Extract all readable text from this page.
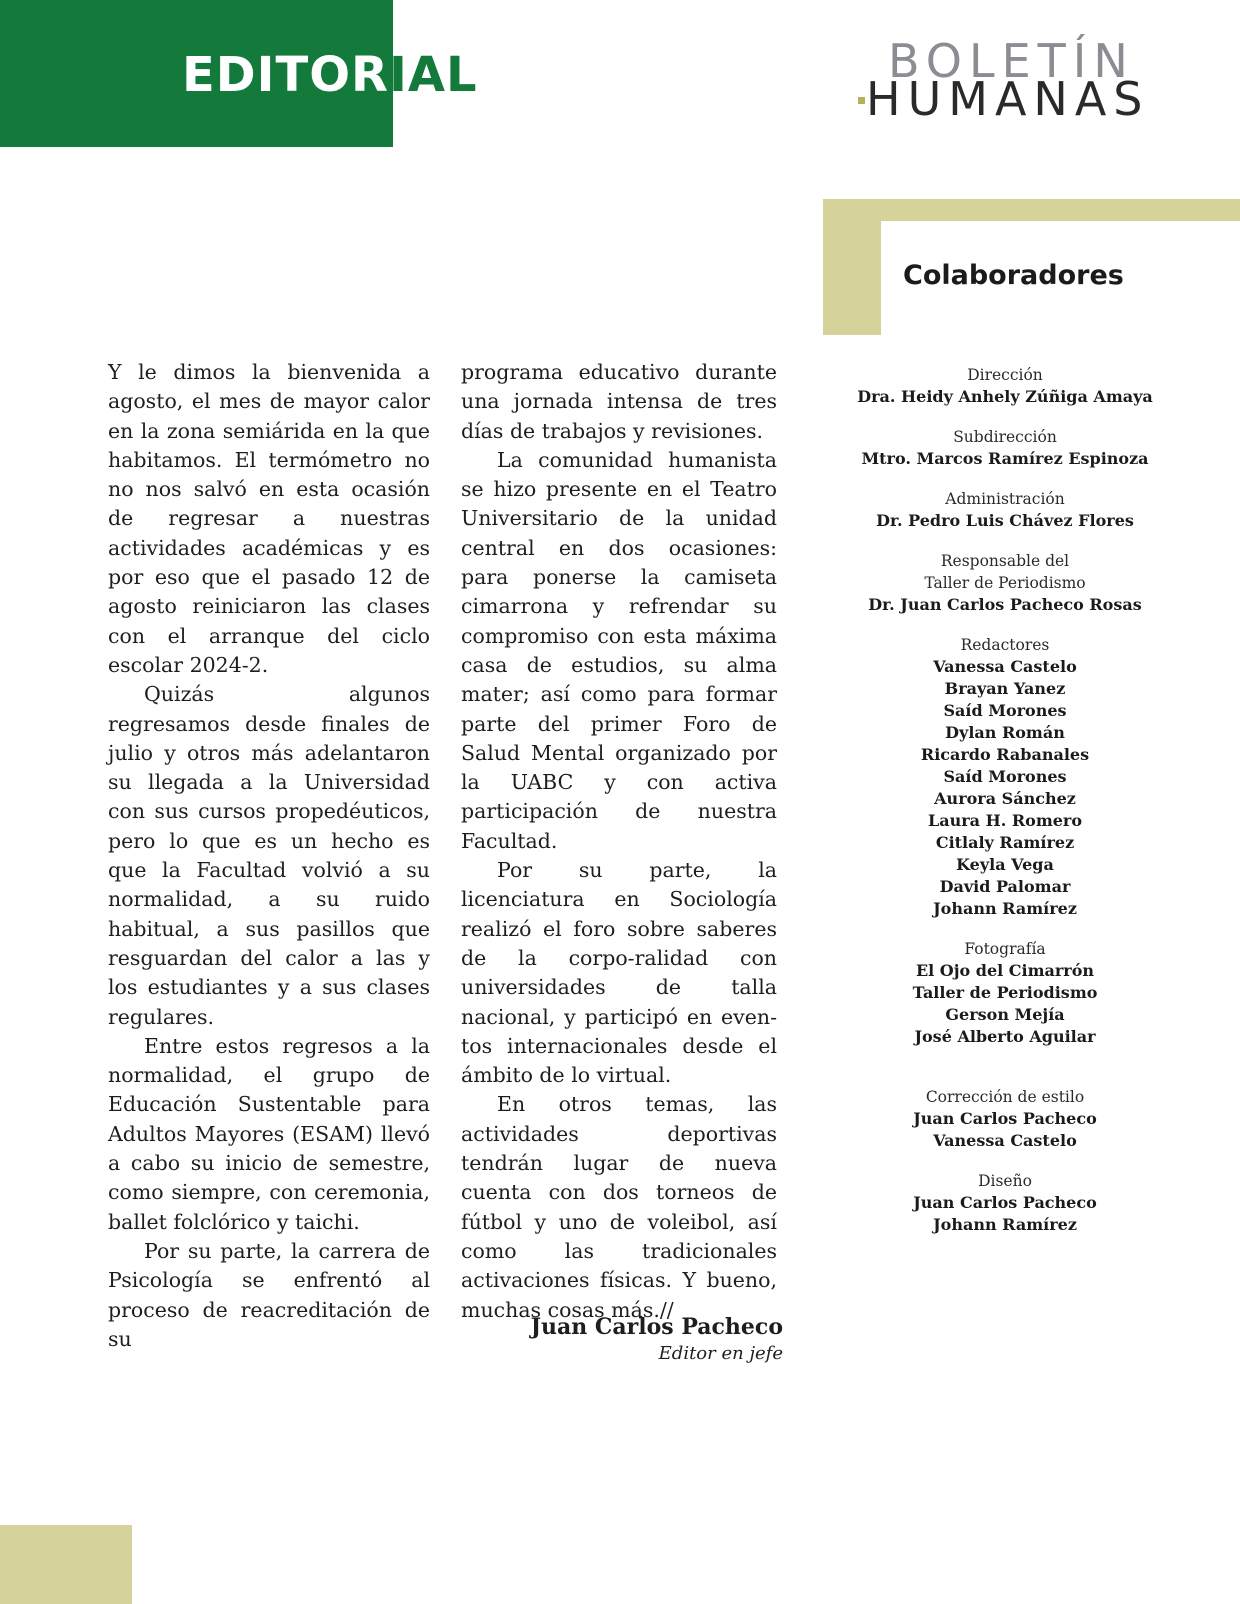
EDITORIAL	BOLETÍN
HUMANAS
Colaboradores

Y le dimos la bienvenida a agosto, el mes de mayor calor en la zona semiárida en la que habitamos. El termómetro no no nos salvó en esta ocasión de regresar a nuestras actividades académicas y es por eso que el pasado 12 de agosto reiniciaron las clases con el arranque del ciclo escolar 2024-2.

Quizás algunos regresamos desde finales de julio y otros más adelantaron su llegada a la Universidad con sus cursos propedéuticos, pero lo que es un hecho es que la Facultad volvió a su normalidad, a su ruido habitual, a sus pasillos que resguardan del calor a las y los estudiantes y a sus clases regulares.

Entre estos regresos a la normalidad, el grupo de Educación Sustentable para Adultos Mayores (ESAM) llevó a cabo su inicio de semestre, como siempre, con ceremonia, ballet folclórico y taichi.

Por su parte, la carrera de Psicología se enfrentó al proceso de reacreditación de su

programa educativo durante una jornada intensa de tres días de trabajos y revisiones.

La comunidad humanista se hizo presente en el Teatro Universitario de la unidad central en dos ocasiones: para ponerse la camiseta cimarrona y refrendar su compromiso con esta máxima casa de estudios, su alma mater; así como para formar parte del primer Foro de Salud Mental organizado por la UABC y con activa participación de nuestra Facultad.

Por su parte, la licenciatura en Sociología realizó el foro sobre saberes de la corpo-ralidad con universidades de talla nacional, y participó en even- tos internacionales desde el ámbito de lo virtual.

En otros temas, las actividades deportivas tendrán lugar de nueva cuenta con dos torneos de fútbol y uno de voleibol, así como las tradicionales activaciones físicas. Y bueno, muchas cosas más.//

Juan Carlos Pacheco
Editor en jefe
Dirección
Dra. Heidy Anhely Zúñiga Amaya
Subdirección
Mtro. Marcos Ramírez Espinoza
Administración
Dr. Pedro Luis Chávez Flores
Responsable del
Taller de Periodismo
Dr. Juan Carlos Pacheco Rosas
Redactores
Vanessa Castelo
Brayan Yanez
Saíd Morones
Dylan Román
Ricardo Rabanales
Saíd Morones
Aurora Sánchez
Laura H. Romero
Citlaly Ramírez
Keyla Vega
David Palomar
Johann Ramírez
Fotografía
El Ojo del Cimarrón
Taller de Periodismo
Gerson Mejía
José Alberto Aguilar
Corrección de estilo
Juan Carlos Pacheco
Vanessa Castelo
Diseño
Juan Carlos Pacheco
Johann Ramírez
